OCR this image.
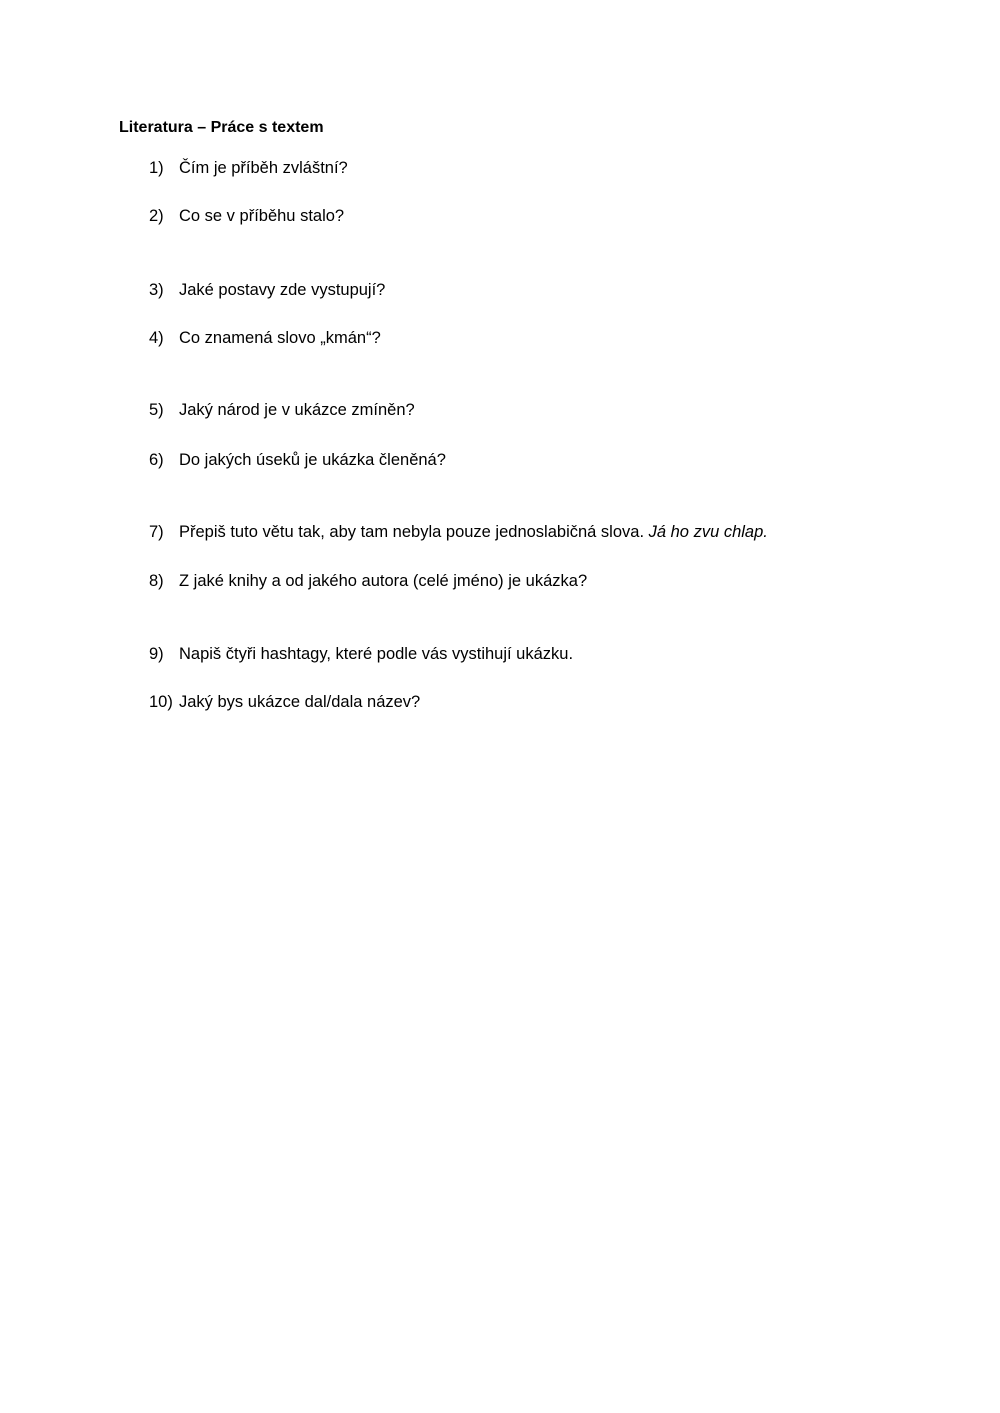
Literatura – Práce s textem
1) Čím je příběh zvláštní?
2) Co se v příběhu stalo?
3) Jaké postavy zde vystupují?
4) Co znamená slovo „kmán“?
5) Jaký národ je v ukázce zmíněn?
6) Do jakých úseků je ukázka členěná?
7) Přepiš tuto větu tak, aby tam nebyla pouze jednoslabičná slova. Já ho zvu chlap.
8) Z jaké knihy a od jakého autora (celé jméno) je ukázka?
9) Napiš čtyři hashtagy, které podle vás vystihují ukázku.
10) Jaký bys ukázce dal/dala název?
